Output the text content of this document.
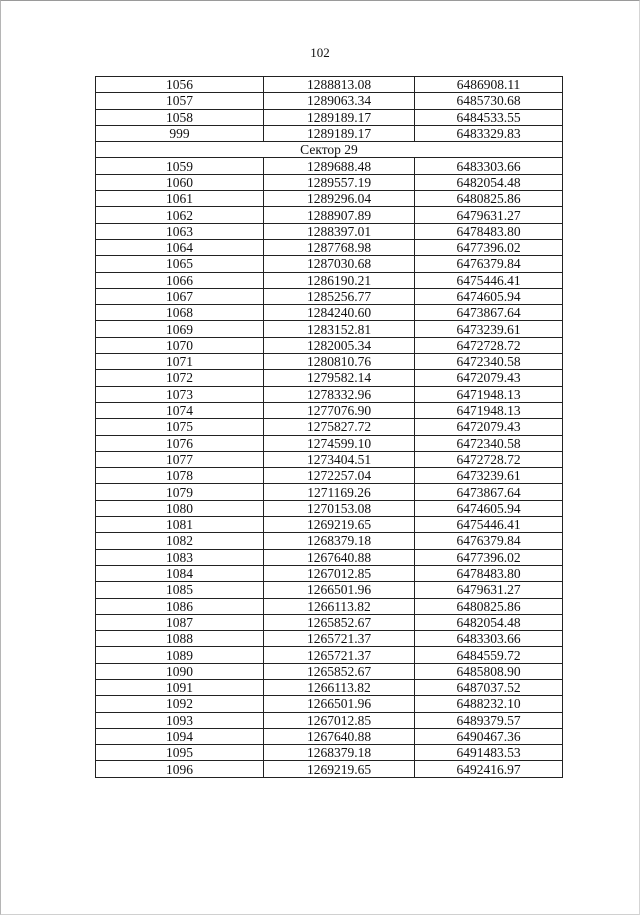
102
1056	1288813.08	6486908.11
1057	1289063.34	6485730.68
1058	1289189.17	6484533.55
999	1289189.17	6483329.83
Сектор 29		
1059	1289688.48	6483303.66
1060	1289557.19	6482054.48
1061	1289296.04	6480825.86
1062	1288907.89	6479631.27
1063	1288397.01	6478483.80
1064	1287768.98	6477396.02
1065	1287030.68	6476379.84
1066	1286190.21	6475446.41
1067	1285256.77	6474605.94
1068	1284240.60	6473867.64
1069	1283152.81	6473239.61
1070	1282005.34	6472728.72
1071	1280810.76	6472340.58
1072	1279582.14	6472079.43
1073	1278332.96	6471948.13
1074	1277076.90	6471948.13
1075	1275827.72	6472079.43
1076	1274599.10	6472340.58
1077	1273404.51	6472728.72
1078	1272257.04	6473239.61
1079	1271169.26	6473867.64
1080	1270153.08	6474605.94
1081	1269219.65	6475446.41
1082	1268379.18	6476379.84
1083	1267640.88	6477396.02
1084	1267012.85	6478483.80
1085	1266501.96	6479631.27
1086	1266113.82	6480825.86
1087	1265852.67	6482054.48
1088	1265721.37	6483303.66
1089	1265721.37	6484559.72
1090	1265852.67	6485808.90
1091	1266113.82	6487037.52
1092	1266501.96	6488232.10
1093	1267012.85	6489379.57
1094	1267640.88	6490467.36
1095	1268379.18	6491483.53
1096	1269219.65	6492416.97
